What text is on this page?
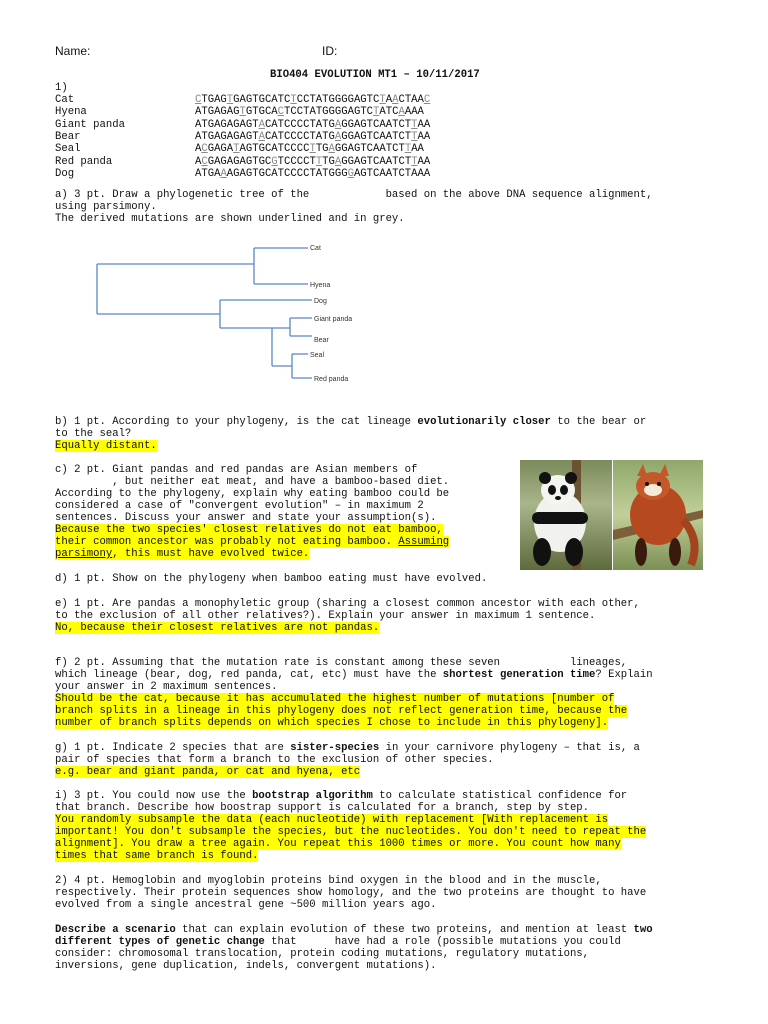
Name:	ID:
BIO404 EVOLUTION MT1 – 10/11/2017
1)
Cat	CTGAGTGAGTGCATCTCCTATGGGGAGTCTAACTAAC
Hyena	ATGAGAGTGTGCACTCCTATGGGGAGTCTATCAAAA
Giant panda	ATGAGAGAGTACATCCCCTATGAGGAGTCAATCTTAA
Bear	ATGAGAGAGTACATCCCCTATGAGGAGTCAATCTTAA
Seal	ACGAGATAGTGCATCCCCTTGAGGAGTCAATCTTAA
Red panda	ACGAGAGAGTGCGTCCCCTTTGAGGAGTCAATCTTAA
Dog	ATGAAAGAGTGCATCCCCTATGGGGAGTCAATCTAAA
a) 3 pt. Draw a phylogenetic tree of the            based on the above DNA sequence alignment,
using parsimony.
The derived mutations are shown underlined and in grey.
Cat
Hyena
Dog
Giant panda
Bear
Seal
Red panda
b) 1 pt. According to your phylogeny, is the cat lineage evolutionarily closer to the bear or
to the seal?
Equally distant.
c) 2 pt. Giant pandas and red pandas are Asian members of
, but neither eat meat, and have a bamboo-based diet.
According to the phylogeny, explain why eating bamboo could be
considered a case of "convergent evolution" – in maximum 2
sentences. Discuss your answer and state your assumption(s).
Because the two species' closest relatives do not eat bamboo,
their common ancestor was probably not eating bamboo. Assuming
parsimony, this must have evolved twice.
d) 1 pt. Show on the phylogeny when bamboo eating must have evolved.
e) 1 pt. Are pandas a monophyletic group (sharing a closest common ancestor with each other,
to the exclusion of all other relatives?). Explain your answer in maximum 1 sentence.
No, because their closest relatives are not pandas.
f) 2 pt. Assuming that the mutation rate is constant among these seven           lineages,
which lineage (bear, dog, red panda, cat, etc) must have the shortest generation time? Explain
your answer in 2 maximum sentences.
Should be the cat, because it has accumulated the highest number of mutations [number of
branch splits in a lineage in this phylogeny does not reflect generation time, because the
number of branch splits depends on which species I chose to include in this phylogeny].
g) 1 pt. Indicate 2 species that are sister-species in your carnivore phylogeny – that is, a
pair of species that form a branch to the exclusion of other species.
e.g. bear and giant panda, or cat and hyena, etc
i) 3 pt. You could now use the bootstrap algorithm to calculate statistical confidence for
that branch. Describe how boostrap support is calculated for a branch, step by step.
You randomly subsample the data (each nucleotide) with replacement [With replacement is
important! You don't subsample the species, but the nucleotides. You don't need to repeat the
alignment]. You draw a tree again. You repeat this 1000 times or more. You count how many
times that same branch is found.
2) 4 pt. Hemoglobin and myoglobin proteins bind oxygen in the blood and in the muscle,
respectively. Their protein sequences show homology, and the two proteins are thought to have
evolved from a single ancestral gene ~500 million years ago.
Describe a scenario that can explain evolution of these two proteins, and mention at least two
different types of genetic change that      have had a role (possible mutations you could
consider: chromosomal translocation, protein coding mutations, regulatory mutations,
inversions, gene duplication, indels, convergent mutations).
